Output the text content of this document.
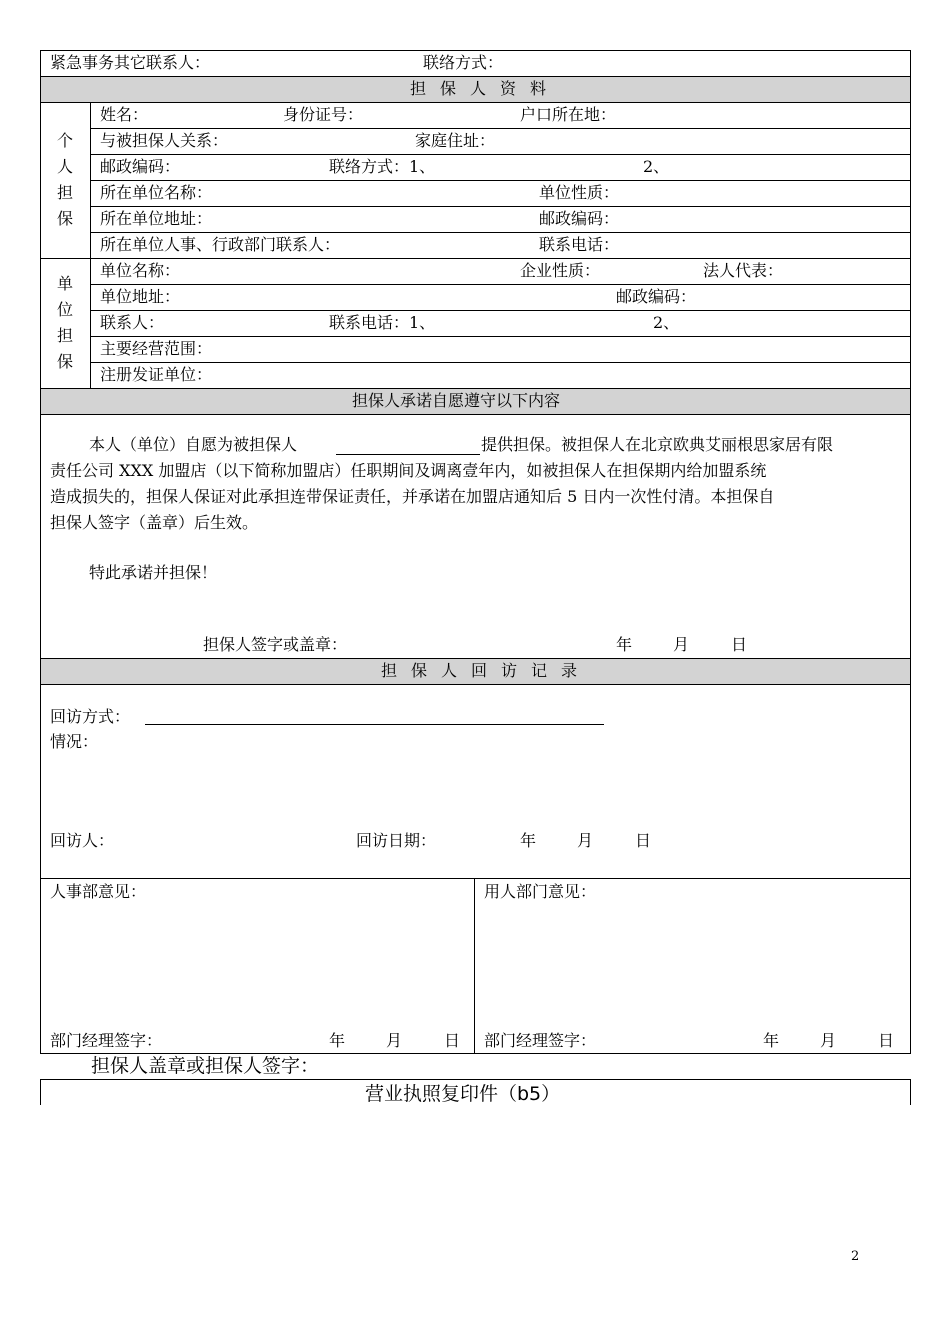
紧急事务其它联系人：	联络方式：
担保人资料
个
人
担
保
姓名：	身份证号：	户口所在地：
与被担保人关系：	家庭住址：
邮政编码：	联络方式：1、	2、
所在单位名称：	单位性质：
所在单位地址：	邮政编码：
所在单位人事、行政部门联系人：	联系电话：
单
位
担
保
单位名称：	企业性质：	法人代表：
单位地址：	邮政编码：
联系人：	联系电话：1、	2、
主要经营范围：
注册发证单位：
担保人承诺自愿遵守以下内容
本人（单位）自愿为被担保人	提供担保。被担保人在北京欧典艾丽根思家居有限
责任公司 XXX 加盟店（以下简称加盟店）任职期间及调离壹年内，如被担保人在担保期内给加盟系统
造成损失的，担保人保证对此承担连带保证责任，并承诺在加盟店通知后 5 日内一次性付清。本担保自
担保人签字（盖章）后生效。
特此承诺并担保！
担保人签字或盖章：	年	月	日
担保人回访记录
回访方式：
情况：
回访人：	回访日期：	年	月	日
人事部意见：	用人部门意见：
部门经理签字：	年	月	日 部门经理签字：	年	月	日
担保人盖章或担保人签字：
营业执照复印件（b5）
2
